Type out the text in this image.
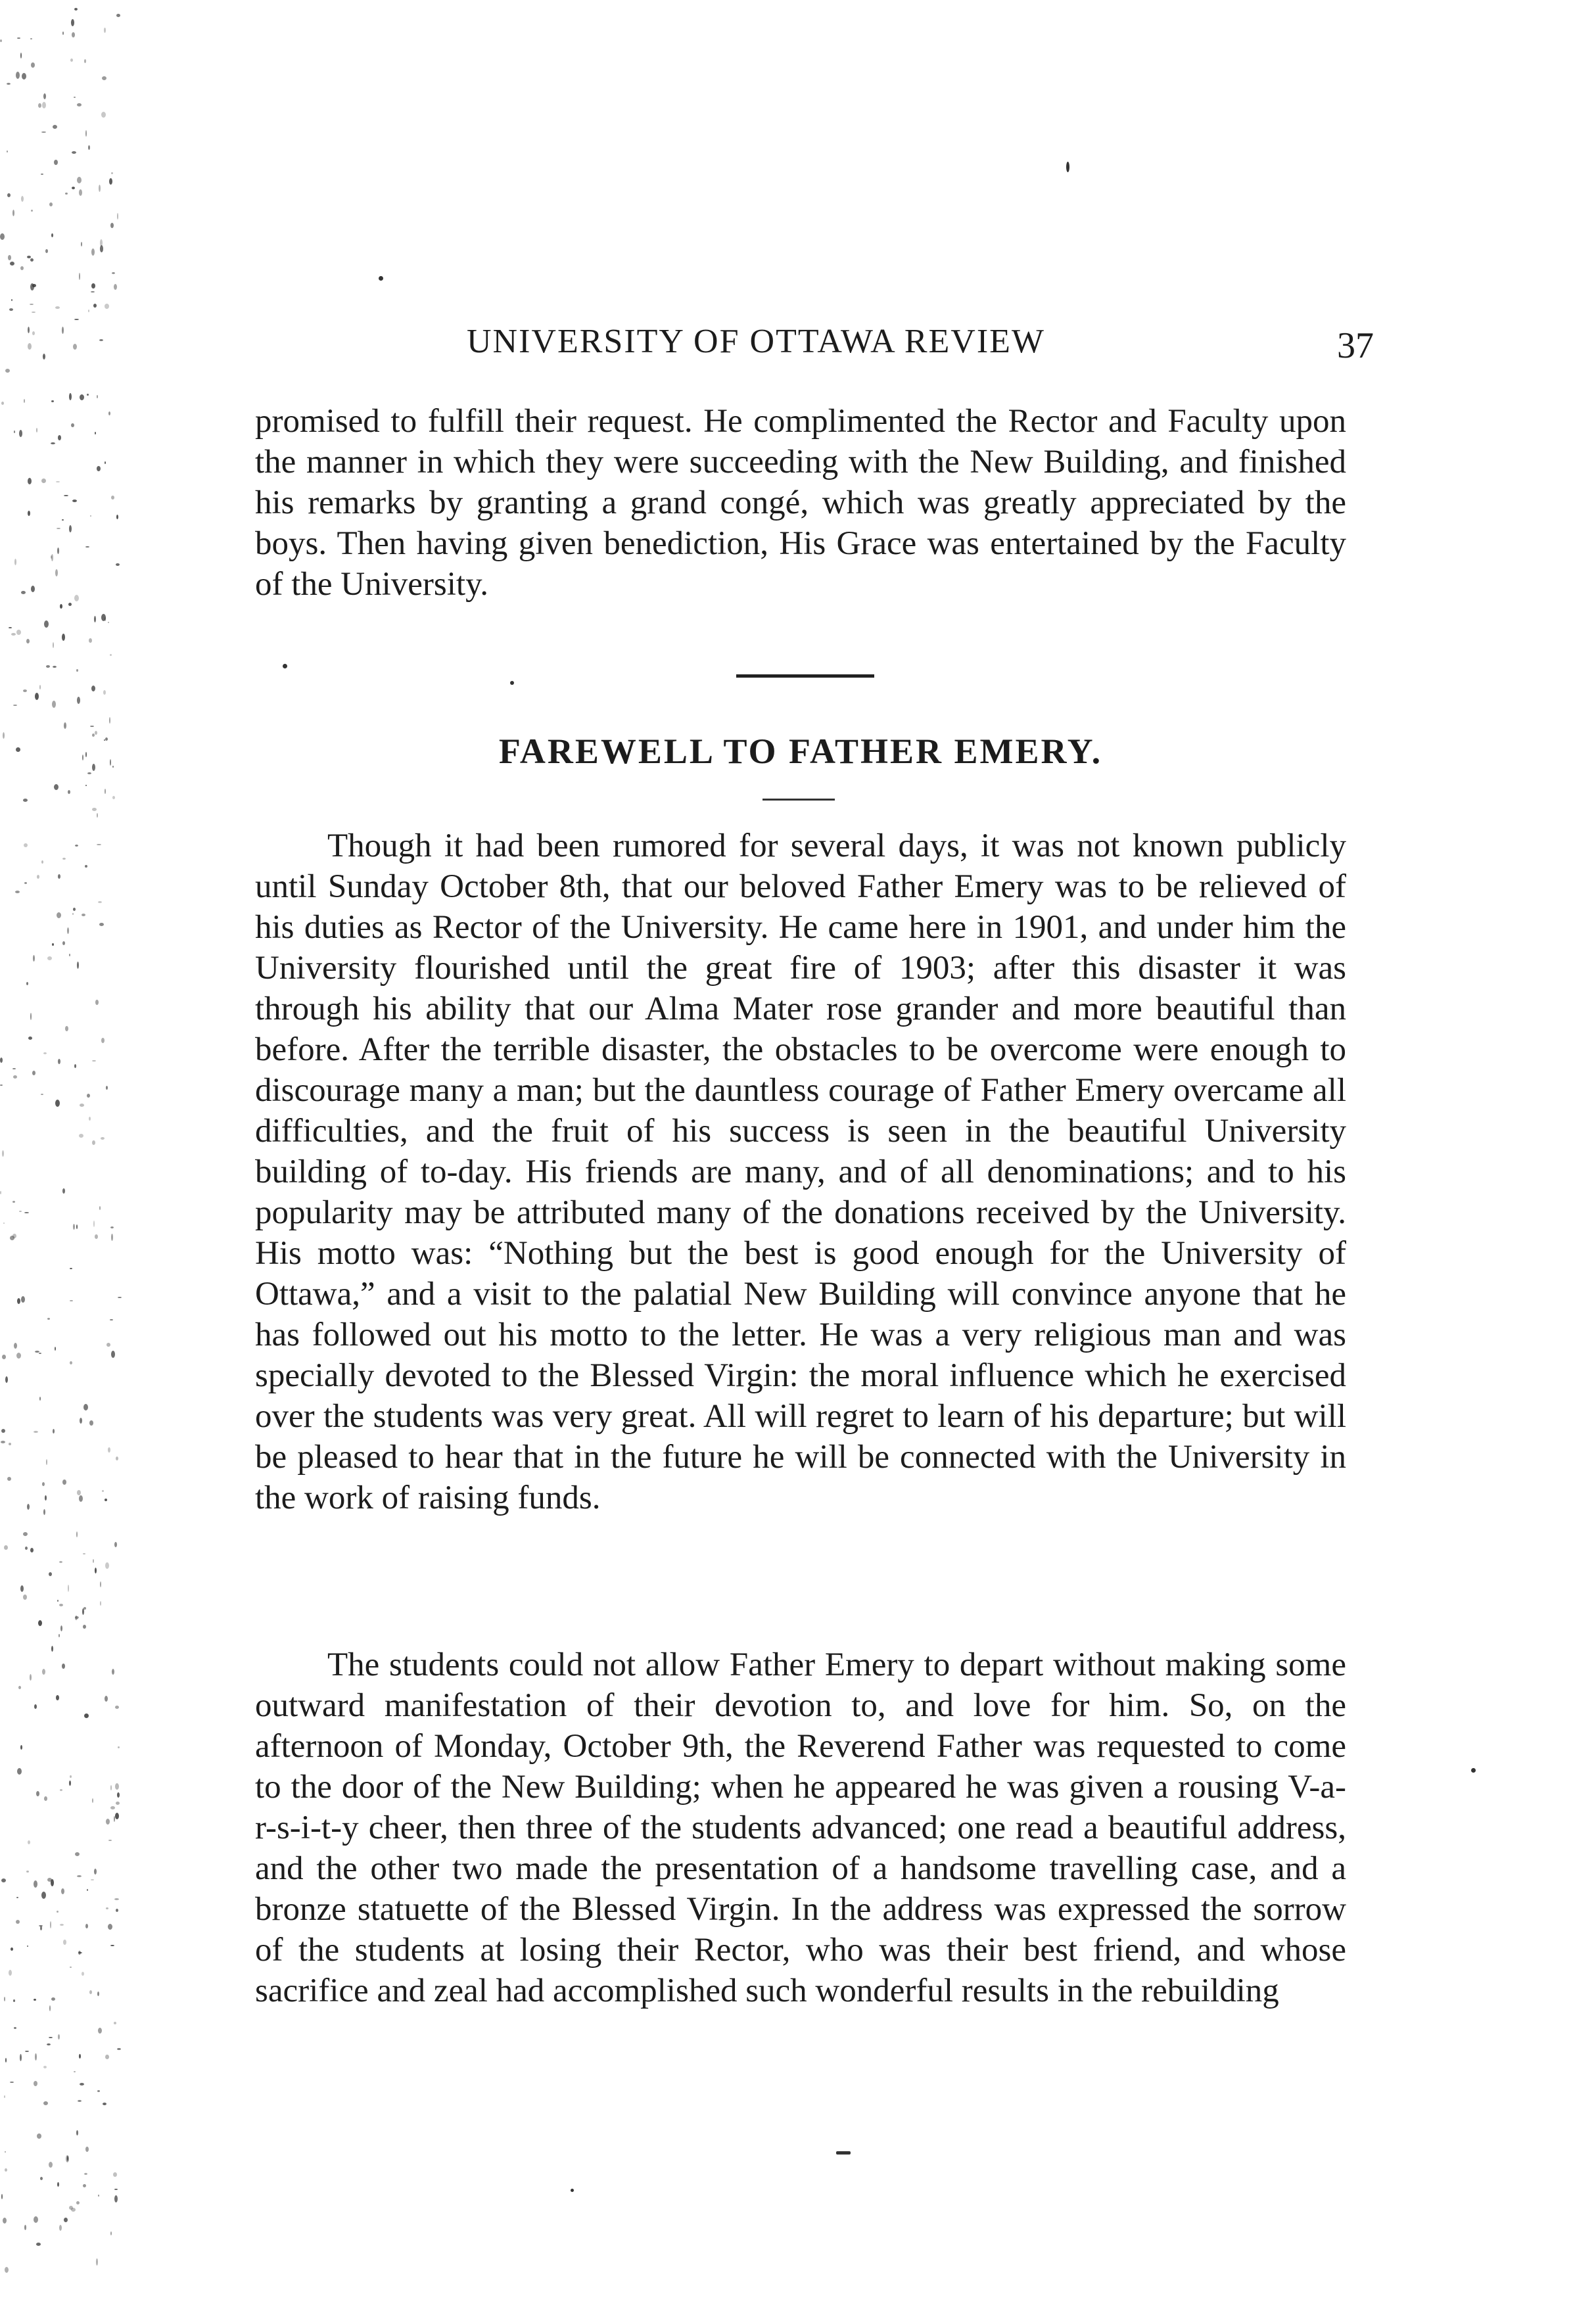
UNIVERSITY OF OTTAWA REVIEW	37

promised to fulfill their request. He complimented the Rector and Faculty upon the manner in which they were succeeding with the New Building, and finished his remarks by granting a grand congé, which was greatly appreciated by the boys. Then having given benediction, His Grace was entertained by the Faculty of the University.

FAREWELL TO FATHER EMERY.

Though it had been rumored for several days, it was not known publicly until Sunday October 8th, that our beloved Father Emery was to be relieved of his duties as Rector of the University. He came here in 1901, and under him the University flourished until the great fire of 1903; after this disaster it was through his ability that our Alma Mater rose grander and more beautiful than before. After the terrible disaster, the obstacles to be overcome were enough to discourage many a man; but the dauntless courage of Father Emery overcame all difficulties, and the fruit of his success is seen in the beautiful University building of to-day. His friends are many, and of all denominations; and to his popularity may be attributed many of the donations received by the University. His motto was: “Nothing but the best is good enough for the University of Ottawa,” and a visit to the palatial New Building will convince anyone that he has followed out his motto to the letter. He was a very religious man and was specially devoted to the Blessed Virgin: the moral influence which he exercised over the students was very great. All will regret to learn of his departure; but will be pleased to hear that in the future he will be connected with the University in the work of raising funds.

The students could not allow Father Emery to depart without making some outward manifestation of their devotion to, and love for him. So, on the afternoon of Monday, October 9th, the Reverend Father was requested to come to the door of the New Building; when he appeared he was given a rousing V-a-r-s-i-t-y cheer, then three of the students advanced; one read a beautiful address, and the other two made the presentation of a handsome travelling case, and a bronze statuette of the Blessed Virgin. In the address was expressed the sorrow of the students at losing their Rector, who was their best friend, and whose sacrifice and zeal had accomplished such wonderful results in the rebuilding
